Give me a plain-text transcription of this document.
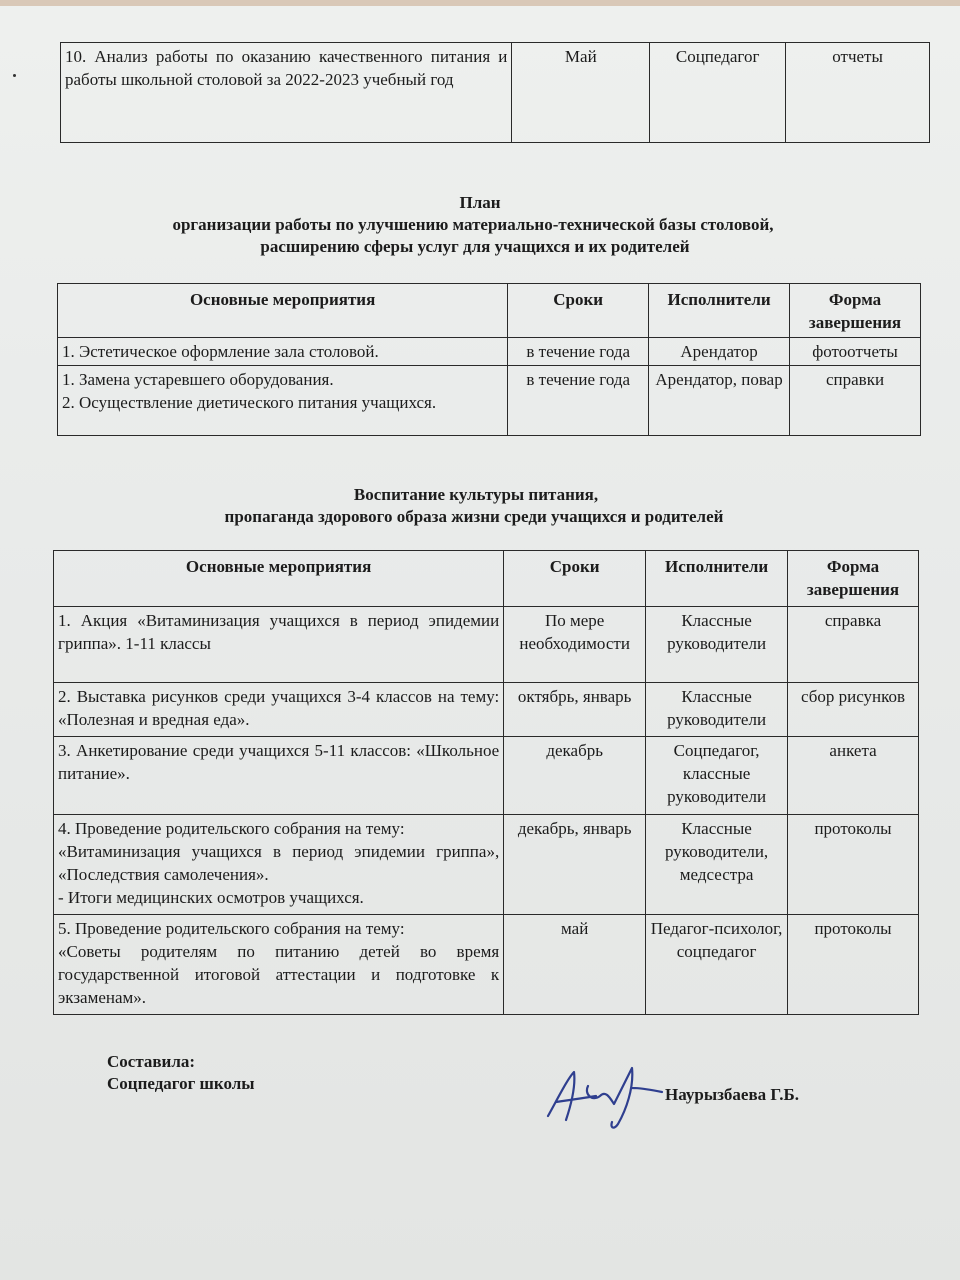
10. Анализ работы по оказанию качественного питания и работы школьной столовой за 2022-2023 учебный год	Май	Соцпедагог	отчеты
План
организации работы по улучшению материально-технической базы столовой,
расширению сферы услуг для учащихся и их родителей
Основные мероприятия	Сроки	Исполнители	Форма завершения
1. Эстетическое оформление зала столовой.	в течение года	Арендатор	фотоотчеты

1. Замена устаревшего оборудования.
2. Осуществление диетического питания учащихся.	в течение года	Арендатор, повар	справки
Воспитание культуры питания,
пропаганда здорового образа жизни среди учащихся и родителей
Основные мероприятия	Сроки	Исполнители	Форма завершения
1. Акция «Витаминизация учащихся в период эпидемии гриппа». 1-11 классы	По мере необходимости	Классные руководители	справка
2. Выставка рисунков среди учащихся 3-4 классов на тему: «Полезная и вредная еда».	октябрь, январь	Классные руководители	сбор рисунков
3. Анкетирование среди учащихся 5-11 классов: «Школьное питание».	декабрь	Соцпедагог, классные руководители	анкета

4. Проведение родительского собрания на тему:
«Витаминизация учащихся в период эпидемии гриппа», «Последствия самолечения».
- Итоги медицинских осмотров учащихся.	декабрь, январь	Классные руководители, медсестра	протоколы

5. Проведение родительского собрания на тему:
«Советы родителям по питанию детей во время государственной итоговой аттестации и подготовке к экзаменам».	май	Педагог-психолог, соцпедагог	протоколы
Составила:
Соцпедагог школы
Наурызбаева Г.Б.
